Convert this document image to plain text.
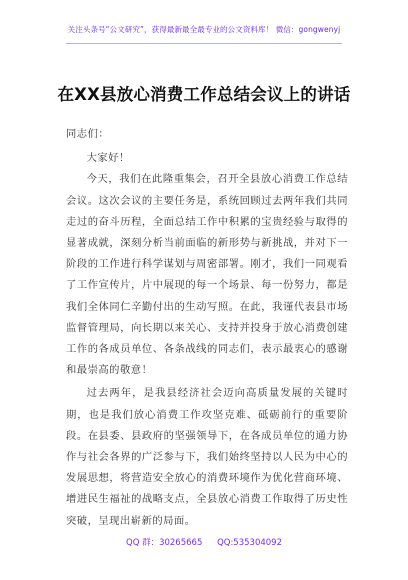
关注头条号“公文研究”，获得最新最全最专业的公文资料库！ 微信：gongwenyj
在XX县放心消费工作总结会议上的讲话

同志们：

大家好！

今天，我们在此隆重集会，召开全县放心消费工作总结会议。这次会议的主要任务是，系统回顾过去两年我们共同走过的奋斗历程，全面总结工作中积累的宝贵经验与取得的显著成就，深刻分析当前面临的新形势与新挑战，并对下一阶段的工作进行科学谋划与周密部署。刚才，我们一同观看了工作宣传片，片中展现的每一个场景、每一份努力，都是我们全体同仁辛勤付出的生动写照。在此，我谨代表县市场监督管理局，向长期以来关心、支持并投身于放心消费创建工作的各成员单位、各条战线的同志们，表示最衷心的感谢和最崇高的敬意！

过去两年，是我县经济社会迈向高质量发展的关键时期，也是我们放心消费工作攻坚克难、砥砺前行的重要阶段。在县委、县政府的坚强领导下，在各成员单位的通力协作与社会各界的广泛参与下，我们始终坚持以人民为中心的发展思想，将营造安全放心的消费环境作为优化营商环境、增进民生福祉的战略支点，全县放心消费工作取得了历史性突破，呈现出崭新的局面。

QQ 群：30265665 QQ:535304092
